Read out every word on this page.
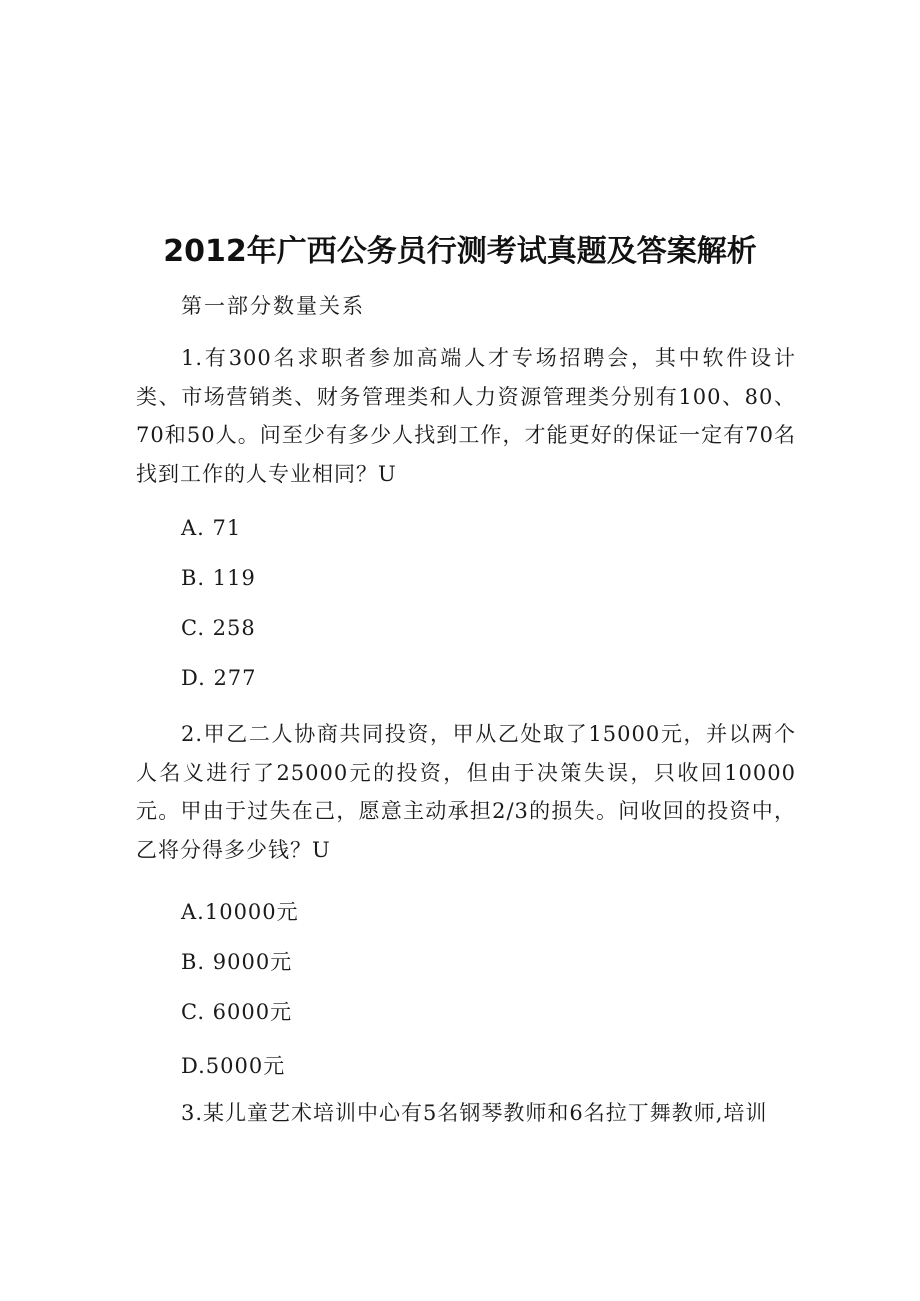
2012年广西公务员行测考试真题及答案解析
第一部分数量关系
1.有300名求职者参加高端人才专场招聘会，其中软件设计类、市场营销类、财务管理类和人力资源管理类分别有100、80、70和50人。问至少有多少人找到工作，才能更好的保证一定有70名找到工作的人专业相同？U
A. 71
B. 119
C. 258
D. 277
2.甲乙二人协商共同投资，甲从乙处取了15000元，并以两个人名义进行了25000元的投资，但由于决策失误，只收回10000元。甲由于过失在己，愿意主动承担2/3的损失。问收回的投资中，乙将分得多少钱？U
A.10000元
B. 9000元
C. 6000元
D.5000元
3.某儿童艺术培训中心有5名钢琴教师和6名拉丁舞教师,培训
